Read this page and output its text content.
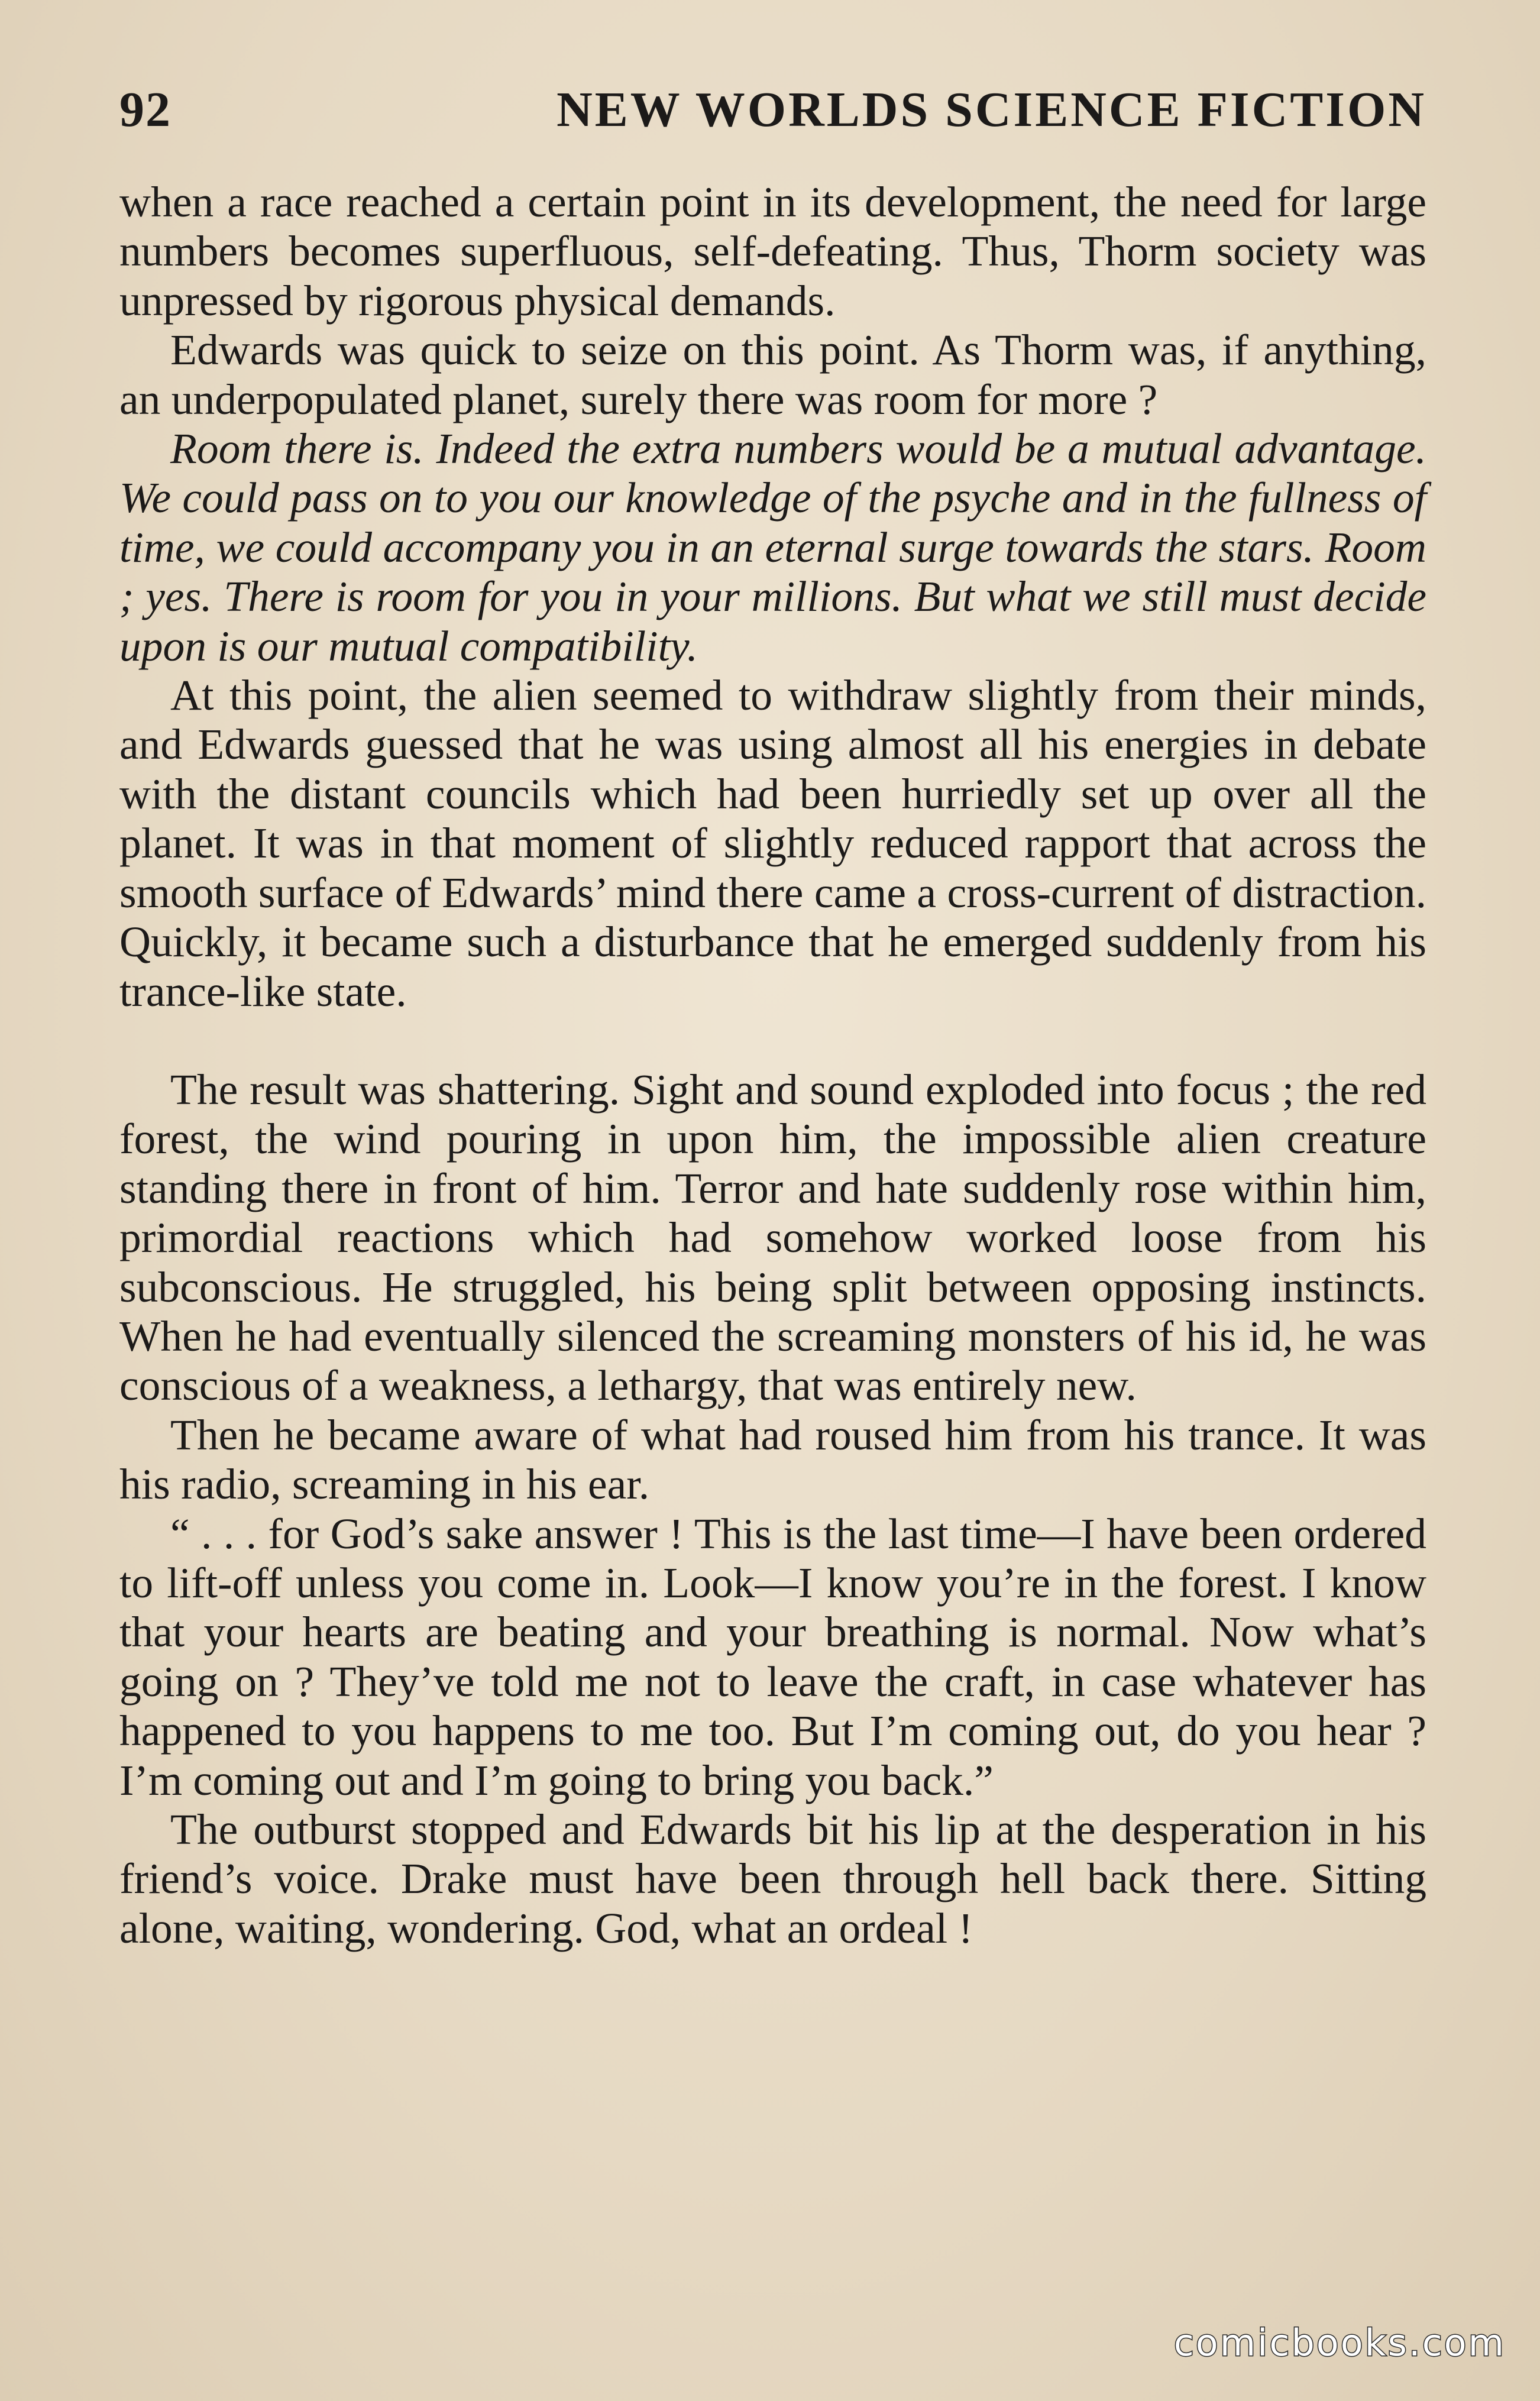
92	NEW WORLDS SCIENCE FICTION

when a race reached a certain point in its development, the need for large numbers becomes superfluous, self-defeating. Thus, Thorm society was unpressed by rigorous physical demands.

Edwards was quick to seize on this point. As Thorm was, if anything, an underpopulated planet, surely there was room for more ?

Room there is. Indeed the extra numbers would be a mutual advantage. We could pass on to you our knowledge of the psyche and in the fullness of time, we could accompany you in an eternal surge towards the stars. Room ; yes. There is room for you in your millions. But what we still must decide upon is our mutual compatibility.

At this point, the alien seemed to withdraw slightly from their minds, and Edwards guessed that he was using almost all his energies in debate with the distant councils which had been hurriedly set up over all the planet. It was in that moment of slightly reduced rapport that across the smooth surface of Edwards’ mind there came a cross-current of distraction. Quickly, it became such a disturbance that he emerged suddenly from his trance-like state.

The result was shattering. Sight and sound exploded into focus ; the red forest, the wind pouring in upon him, the impossible alien creature standing there in front of him. Terror and hate suddenly rose within him, primordial reactions which had somehow worked loose from his subconscious. He struggled, his being split between opposing instincts. When he had eventually silenced the screaming monsters of his id, he was conscious of a weakness, a lethargy, that was entirely new.

Then he became aware of what had roused him from his trance. It was his radio, screaming in his ear.

“ . . . for God’s sake answer ! This is the last time—I have been ordered to lift-off unless you come in. Look—I know you’re in the forest. I know that your hearts are beating and your breathing is normal. Now what’s going on ? They’ve told me not to leave the craft, in case whatever has happened to you happens to me too. But I’m coming out, do you hear ? I’m coming out and I’m going to bring you back.”

The outburst stopped and Edwards bit his lip at the desperation in his friend’s voice. Drake must have been through hell back there. Sitting alone, waiting, wondering. God, what an ordeal !

comicbooks.com
